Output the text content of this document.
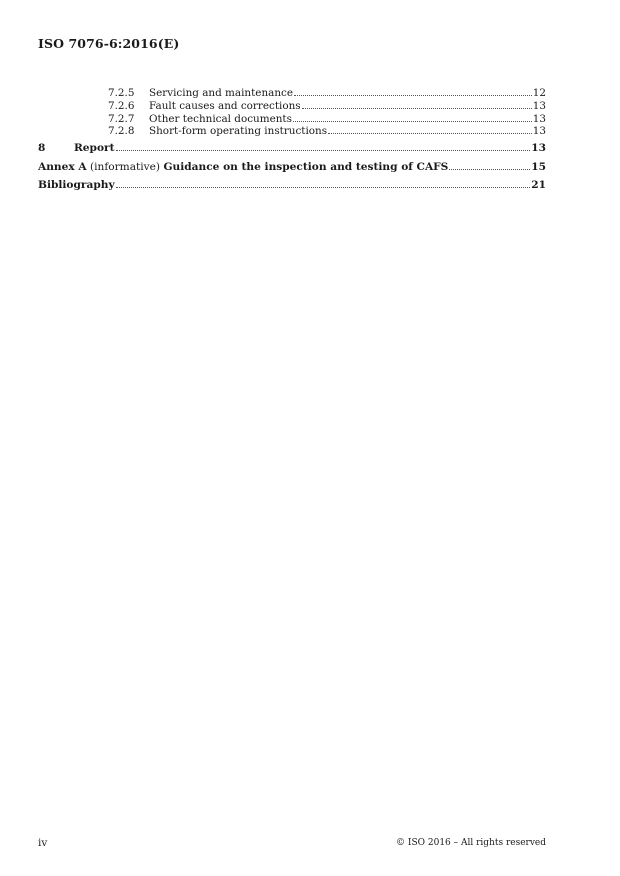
ISO 7076-6:2016(E)
7.2.5	Servicing and maintenance	12
7.2.6	Fault causes and corrections	13
7.2.7	Other technical documents	13
7.2.8	Short-form operating instructions	13
8	Report	13
Annex A (informative) Guidance on the inspection and testing of CAFS	15
Bibliography	21
iv	© ISO 2016 – All rights reserved
